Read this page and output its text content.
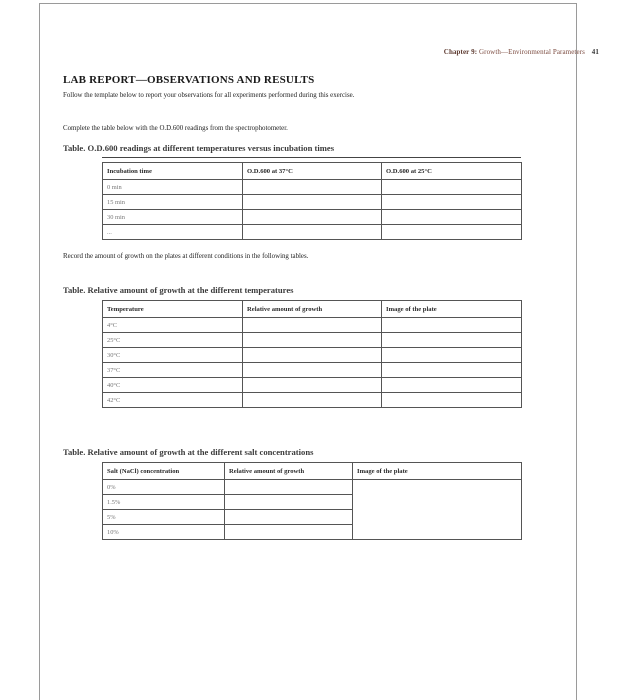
Chapter 9: Growth—Environmental Parameters 41
LAB REPORT—OBSERVATIONS AND RESULTS
Follow the template below to report your observations for all experiments performed during this exercise.
Complete the table below with the O.D.600 readings from the spectrophotometer.
Table. O.D.600 readings at different temperatures versus incubation times
Incubation time	O.D.600 at 37°C	O.D.600 at 25°C
0 min		
15 min		
30 min		
...		
Record the amount of growth on the plates at different conditions in the following tables.
Table. Relative amount of growth at the different temperatures
Temperature	Relative amount of growth	Image of the plate
4°C		
25°C		
30°C		
37°C		
40°C		
42°C		
Table. Relative amount of growth at the different salt concentrations
Salt (NaCl) concentration	Relative amount of growth	Image of the plate
0%		
1.5%		
5%		
10%		
